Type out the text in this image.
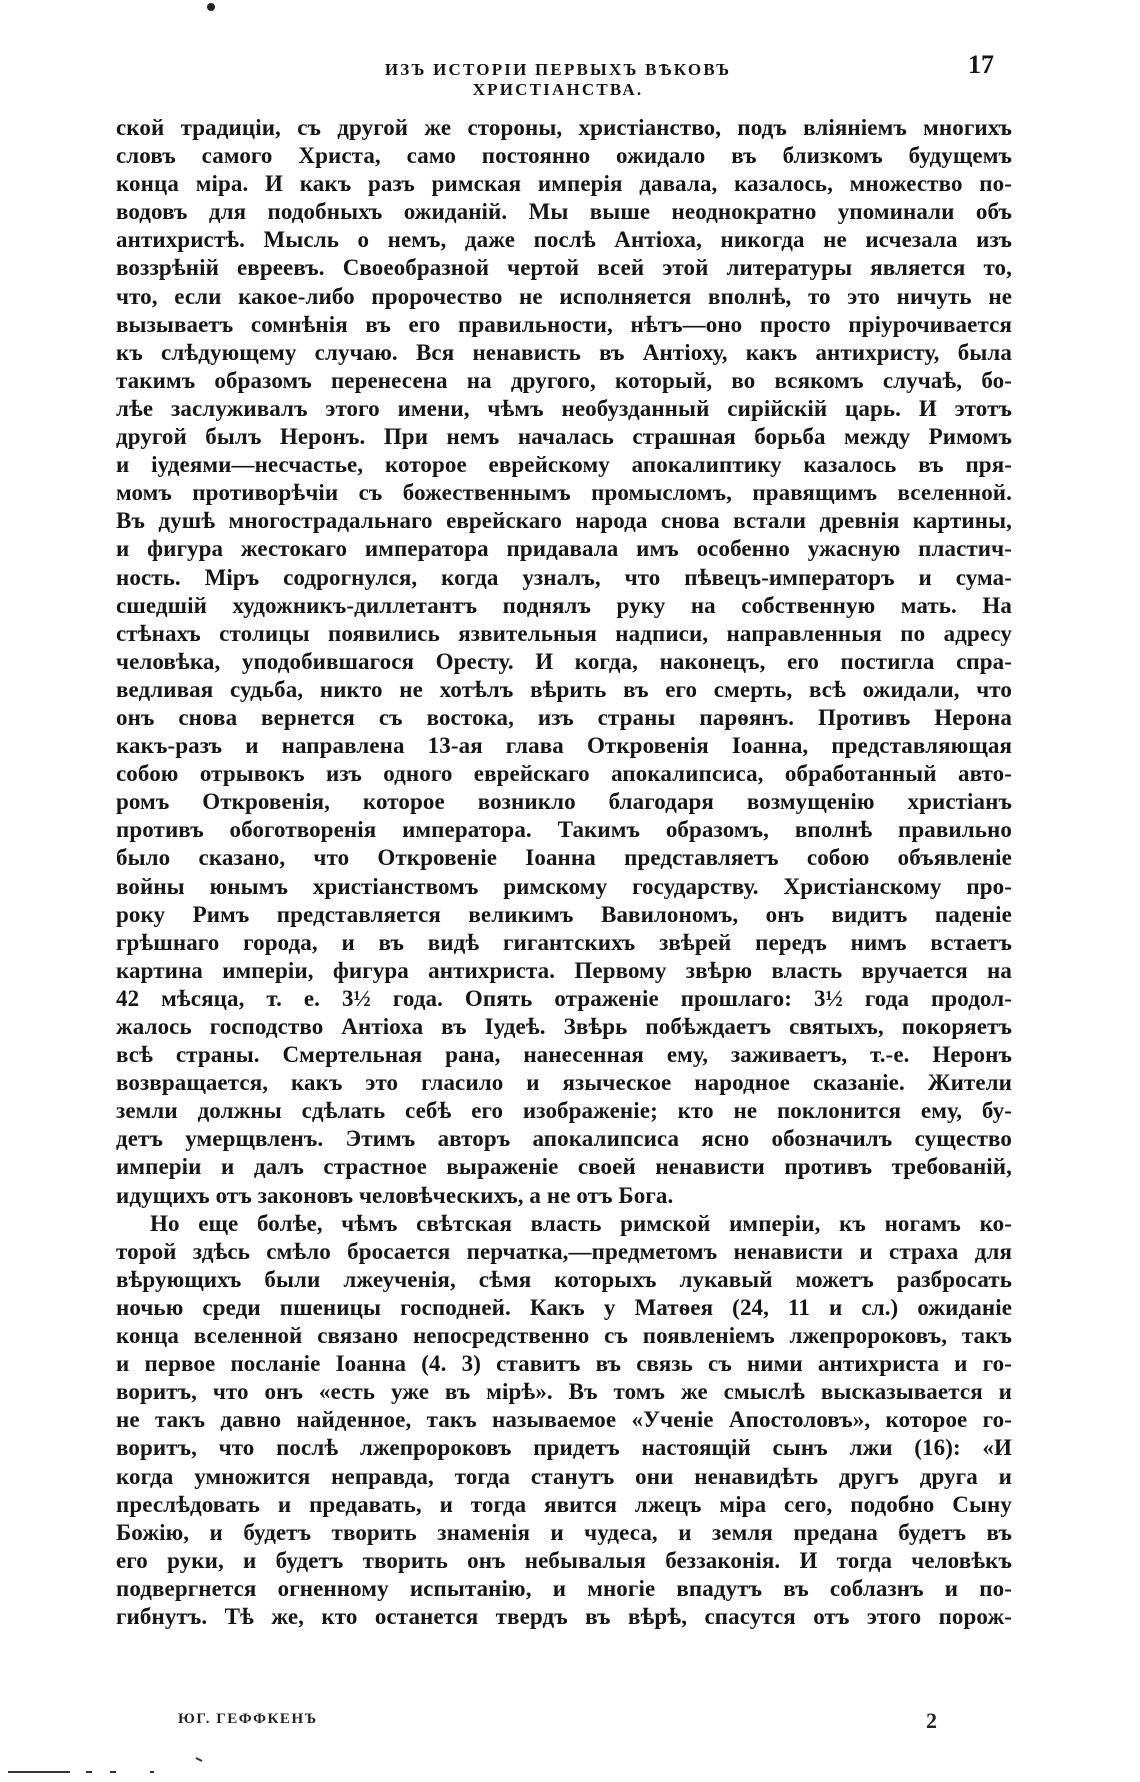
ИЗЪ ИСТОРІИ ПЕРВЫХЪ ВѢКОВЪ ХРИСТІАНСТВА.
17
ской традиціи, съ другой же стороны, христіанство, подъ вліяніемъ многихъ
словъ самого Христа, само постоянно ожидало въ близкомъ будущемъ
конца міра. И какъ разъ римская имперія давала, казалось, множество по-
водовъ для подобныхъ ожиданій. Мы выше неоднократно упоминали объ
антихристѣ. Мысль о немъ, даже послѣ Антіоха, никогда не исчезала изъ
воззрѣній евреевъ. Своеобразной чертой всей этой литературы является то,
что, если какое-либо пророчество не исполняется вполнѣ, то это ничуть не
вызываетъ сомнѣнія въ его правильности, нѣтъ—оно просто пріурочивается
къ слѣдующему случаю. Вся ненависть въ Антіоху, какъ антихристу, была
такимъ образомъ перенесена на другого, который, во всякомъ случаѣ, бо-
лѣе заслуживалъ этого имени, чѣмъ необузданный сирійскій царь. И этотъ
другой былъ Неронъ. При немъ началась страшная борьба между Римомъ
и іудеями—несчастье, которое еврейскому апокалиптику казалось въ пря-
момъ противорѣчіи съ божественнымъ промысломъ, правящимъ вселенной.
Въ душѣ многострадальнаго еврейскаго народа снова встали древнія картины,
и фигура жестокаго императора придавала имъ особенно ужасную пластич-
ность. Міръ содрогнулся, когда узналъ, что пѣвецъ-императоръ и сума-
сшедшій художникъ-диллетантъ поднялъ руку на собственную мать. На
стѣнахъ столицы появились язвительныя надписи, направленныя по адресу
человѣка, уподобившагося Оресту. И когда, наконецъ, его постигла спра-
ведливая судьба, никто не хотѣлъ вѣрить въ его смерть, всѣ ожидали, что
онъ снова вернется съ востока, изъ страны парѳянъ. Противъ Нерона
какъ-разъ и направлена 13-ая глава Откровенія Іоанна, представляющая
собою отрывокъ изъ одного еврейскаго апокалипсиса, обработанный авто-
ромъ Откровенія, которое возникло благодаря возмущенію христіанъ
противъ обоготворенія императора. Такимъ образомъ, вполнѣ правильно
было сказано, что Откровеніе Іоанна представляетъ собою объявленіе
войны юнымъ христіанствомъ римскому государству. Христіанскому про-
року Римъ представляется великимъ Вавилономъ, онъ видитъ паденіе
грѣшнаго города, и въ видѣ гигантскихъ звѣрей передъ нимъ встаетъ
картина имперіи, фигура антихриста. Первому звѣрю власть вручается на
42 мѣсяца, т. е. 3½ года. Опять отраженіе прошлаго: 3½ года продол-
жалось господство Антіоха въ Іудеѣ. Звѣрь побѣждаетъ святыхъ, покоряетъ
всѣ страны. Смертельная рана, нанесенная ему, заживаетъ, т.-е. Неронъ
возвращается, какъ это гласило и языческое народное сказаніе. Жители
земли должны сдѣлать себѣ его изображеніе; кто не поклонится ему, бу-
детъ умерщвленъ. Этимъ авторъ апокалипсиса ясно обозначилъ существо
имперіи и далъ страстное выраженіе своей ненависти противъ требованій,
идущихъ отъ законовъ человѣческихъ, а не отъ Бога.
Но еще болѣе, чѣмъ свѣтская власть римской имперіи, къ ногамъ ко-
торой здѣсь смѣло бросается перчатка,—предметомъ ненависти и страха для
вѣрующихъ были лжеученія, сѣмя которыхъ лукавый можетъ разбросать
ночью среди пшеницы господней. Какъ у Матѳея (24, 11 и сл.) ожиданіе
конца вселенной связано непосредственно съ появленіемъ лжепророковъ, такъ
и первое посланіе Іоанна (4. 3) ставитъ въ связь съ ними антихриста и го-
воритъ, что онъ «есть уже въ мірѣ». Въ томъ же смыслѣ высказывается и
не такъ давно найденное, такъ называемое «Ученіе Апостоловъ», которое го-
воритъ, что послѣ лжепророковъ придетъ настоящій сынъ лжи (16): «И
когда умножится неправда, тогда станутъ они ненавидѣть другъ друга и
преслѣдовать и предавать, и тогда явится лжецъ міра сего, подобно Сыну
Божію, и будетъ творить знаменія и чудеса, и земля предана будетъ въ
его руки, и будетъ творить онъ небывалыя беззаконія. И тогда человѣкъ
подвергнется огненному испытанію, и многіе впадутъ въ соблазнъ и по-
гибнутъ. Тѣ же, кто останется твердъ въ вѣрѣ, спасутся отъ этого порож-
ЮГ. ГЕФФКЕНЪ	2
